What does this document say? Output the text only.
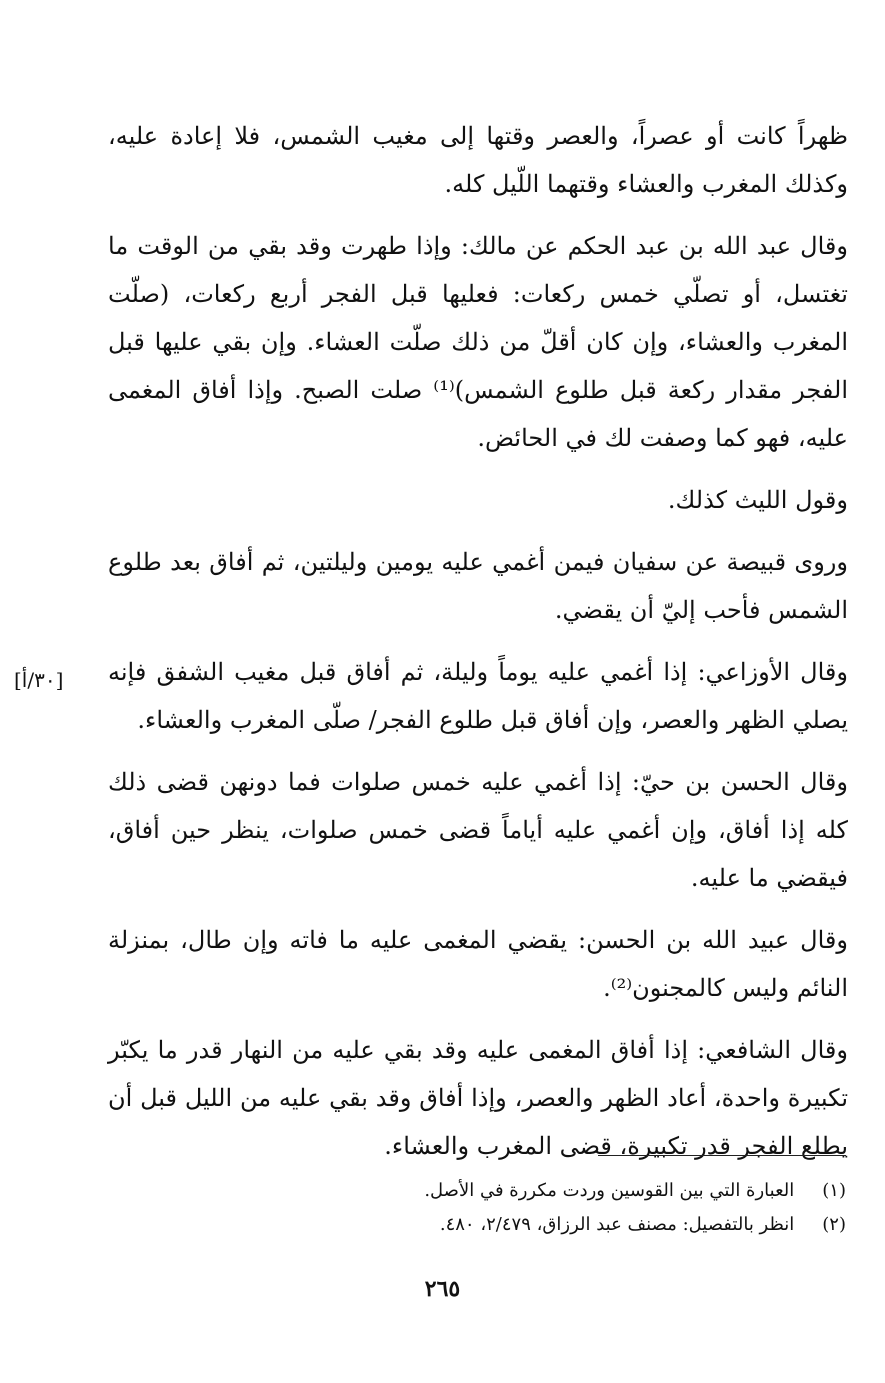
ظهراً كانت أو عصراً، والعصر وقتها إلى مغيب الشمس، فلا إعادة عليه، وكذلك المغرب والعشاء وقتهما اللّيل كله.

وقال عبد الله بن عبد الحكم عن مالك: وإذا طهرت وقد بقي من الوقت ما تغتسل، أو تصلّي خمس ركعات: فعليها قبل الفجر أربع ركعات، (صلّت المغرب والعشاء، وإن كان أقلّ من ذلك صلّت العشاء. وإن بقي عليها قبل الفجر مقدار ركعة قبل طلوع الشمس)⁽¹⁾ صلت الصبح. وإذا أفاق المغمى عليه، فهو كما وصفت لك في الحائض.

وقول الليث كذلك.

وروى قبيصة عن سفيان فيمن أغمي عليه يومين وليلتين، ثم أفاق بعد طلوع الشمس فأحب إليّ أن يقضي.

وقال الأوزاعي: إذا أغمي عليه يوماً وليلة، ثم أفاق قبل مغيب الشفق فإنه يصلي الظهر والعصر، وإن أفاق قبل طلوع الفجر/ صلّى المغرب والعشاء.

وقال الحسن بن حيّ: إذا أغمي عليه خمس صلوات فما دونهن قضى ذلك كله إذا أفاق، وإن أغمي عليه أياماً قضى خمس صلوات، ينظر حين أفاق، فيقضي ما عليه.

وقال عبيد الله بن الحسن: يقضي المغمى عليه ما فاته وإن طال، بمنزلة النائم وليس كالمجنون⁽²⁾.

وقال الشافعي: إذا أفاق المغمى عليه وقد بقي عليه من النهار قدر ما يكبّر تكبيرة واحدة، أعاد الظهر والعصر، وإذا أفاق وقد بقي عليه من الليل قبل أن يطلع الفجر قدر تكبيرة، قضى المغرب والعشاء.

[٣٠/أ]
(١) العبارة التي بين القوسين وردت مكررة في الأصل.
(٢) انظر بالتفصيل: مصنف عبد الرزاق، ٢/٤٧٩، ٤٨٠.
٢٦٥
